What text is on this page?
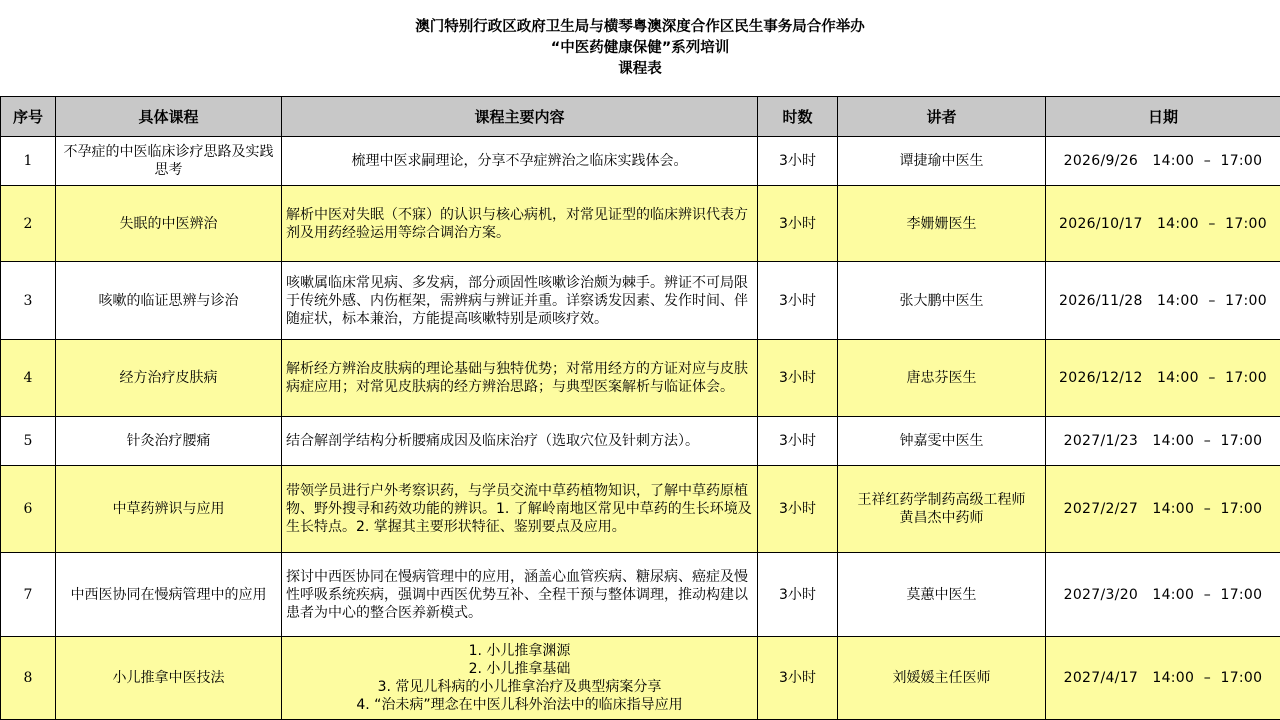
澳门特别行政区政府卫生局与横琴粤澳深度合作区民生事务局合作举办
“中医药健康保健”系列培训
课程表
序号	具体课程	课程主要内容	时数	讲者	日期
1	不孕症的中医临床诊疗思路及实践思考	梳理中医求嗣理论，分享不孕症辨治之临床实践体会。	3小时	谭捷瑜中医生	2026/9/26   14:00  –  17:00
2	失眠的中医辨治	解析中医对失眠（不寐）的认识与核心病机，对常见证型的临床辨识代表方剂及用药经验运用等综合调治方案。	3小时	李姗姗医生	2026/10/17   14:00  –  17:00
3	咳嗽的临证思辨与诊治	咳嗽属临床常见病、多发病，部分顽固性咳嗽诊治颇为棘手。辨证不可局限于传统外感、内伤框架，需辨病与辨证并重。详察诱发因素、发作时间、伴随症状，标本兼治，方能提高咳嗽特别是顽咳疗效。	3小时	张大鹏中医生	2026/11/28   14:00  –  17:00
4	经方治疗皮肤病	解析经方辨治皮肤病的理论基础与独特优势；对常用经方的方证对应与皮肤病症应用；对常见皮肤病的经方辨治思路；与典型医案解析与临证体会。	3小时	唐忠芬医生	2026/12/12   14:00  –  17:00
5	针灸治疗腰痛	结合解剖学结构分析腰痛成因及临床治疗（选取穴位及针刺方法）。	3小时	钟嘉雯中医生	2027/1/23   14:00  –  17:00
6	中草药辨识与应用	带领学员进行户外考察识药，与学员交流中草药植物知识，了解中草药原植物、野外搜寻和药效功能的辨识。1. 了解岭南地区常见中草药的生长环境及生长特点。2. 掌握其主要形状特征、鉴别要点及应用。	3小时	王祥红药学制药高级工程师
黄昌杰中药师	2027/2/27   14:00  –  17:00
7	中西医协同在慢病管理中的应用	探讨中西医协同在慢病管理中的应用，涵盖心血管疾病、糖尿病、癌症及慢性呼吸系统疾病，强调中西医优势互补、全程干预与整体调理，推动构建以患者为中心的整合医养新模式。	3小时	莫蕙中医生	2027/3/20   14:00  –  17:00
8	小儿推拿中医技法	1. 小儿推拿渊源
2. 小儿推拿基础
3. 常见儿科病的小儿推拿治疗及典型病案分享
4. “治未病”理念在中医儿科外治法中的临床指导应用	3小时	刘媛媛主任医师	2027/4/17   14:00  –  17:00
